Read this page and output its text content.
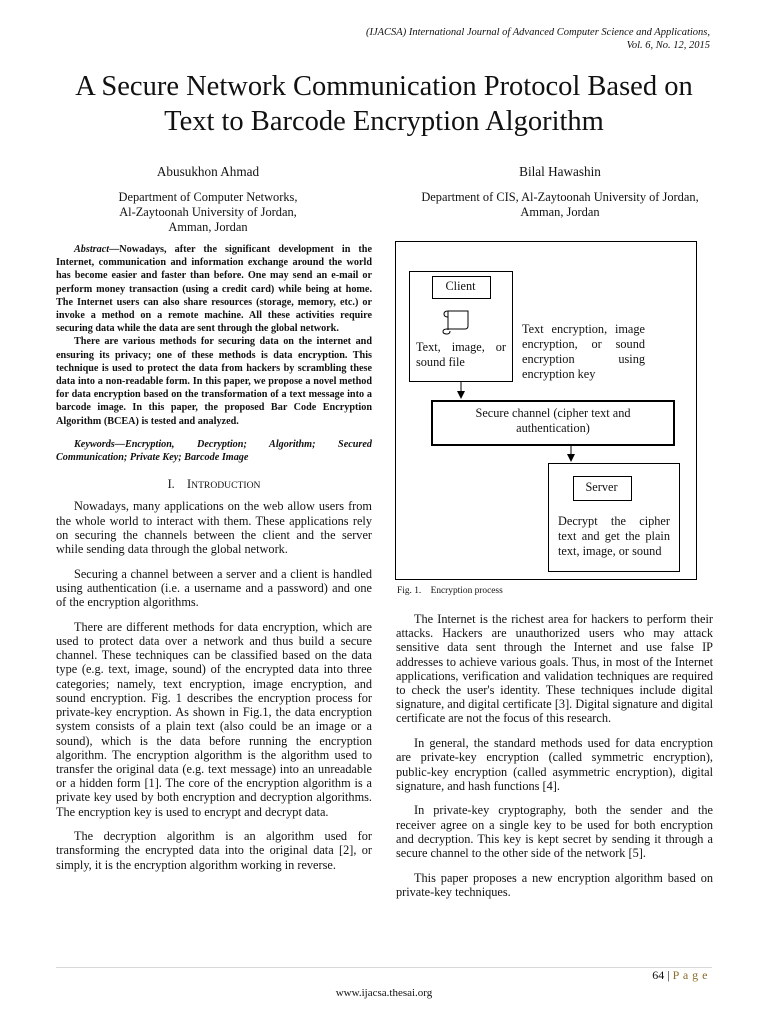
(IJACSA) International Journal of Advanced Computer Science and Applications,
Vol. 6, No. 12, 2015
A Secure Network Communication Protocol Based on
Text to Barcode Encryption Algorithm
Abusukhon Ahmad
Department of Computer Networks,
Al-Zaytoonah University of Jordan,
Amman, Jordan
Bilal Hawashin
Department of CIS, Al-Zaytoonah University of Jordan,
Amman, Jordan

Abstract—Nowadays, after the significant development in the Internet, communication and information exchange around the world has become easier and faster than before. One may send an e-mail or perform money transaction (using a credit card) while being at home. The Internet users can also share resources (storage, memory, etc.) or invoke a method on a remote machine. All these activities require securing data while the data are sent through the global network.

There are various methods for securing data on the internet and ensuring its privacy; one of these methods is data encryption. This technique is used to protect the data from hackers by scrambling these data into a non-readable form. In this paper, we propose a novel method for data encryption based on the transformation of a text message into a barcode image. In this paper, the proposed Bar Code Encryption Algorithm (BCEA) is tested and analyzed.

Keywords—Encryption, Decryption; Algorithm; Secured Communication; Private Key; Barcode Image

I. INTRODUCTION

Nowadays, many applications on the web allow users from the whole world to interact with them. These applications rely on securing the channels between the client and the server while sending data through the global network.

Securing a channel between a server and a client is handled using authentication (i.e. a username and a password) and one of the encryption algorithms.

There are different methods for data encryption, which are used to protect data over a network and thus build a secure channel. These techniques can be classified based on the data type (e.g. text, image, sound) of the encrypted data into three categories; namely, text encryption, image encryption, and sound encryption. Fig. 1 describes the encryption process for private-key encryption. As shown in Fig.1, the data encryption system consists of a plain text (also could be an image or a sound), which is the data before running the encryption algorithm. The encryption algorithm is the algorithm used to transfer the original data (e.g. text message) into an unreadable or a hidden form [1]. The core of the encryption algorithm is a private key used by both encryption and decryption algorithms. The encryption key is used to encrypt and decrypt data.

The decryption algorithm is an algorithm used for transforming the encrypted data into the original data [2], or simply, it is the encryption algorithm working in reverse.

Client
Text, image, or sound file
Text encryption, image encryption, or sound encryption using encryption key
Secure channel (cipher text and authentication)
Server
Decrypt the cipher text and get the plain text, image, or sound
Fig. 1. Encryption process

The Internet is the richest area for hackers to perform their attacks. Hackers are unauthorized users who may attack sensitive data sent through the Internet and use false IP addresses to achieve various goals. Thus, in most of the Internet applications, verification and validation techniques are required to check the user's identity. These techniques include digital signature, and digital certificate [3]. Digital signature and digital certificate are not the focus of this research.

In general, the standard methods used for data encryption are private-key encryption (called symmetric encryption), public-key encryption (called asymmetric encryption), digital signature, and hash functions [4].

In private-key cryptography, both the sender and the receiver agree on a single key to be used for both encryption and decryption. This key is kept secret by sending it through a secure channel to the other side of the network [5].

This paper proposes a new encryption algorithm based on private-key techniques.

64 | P a g e
www.ijacsa.thesai.org
